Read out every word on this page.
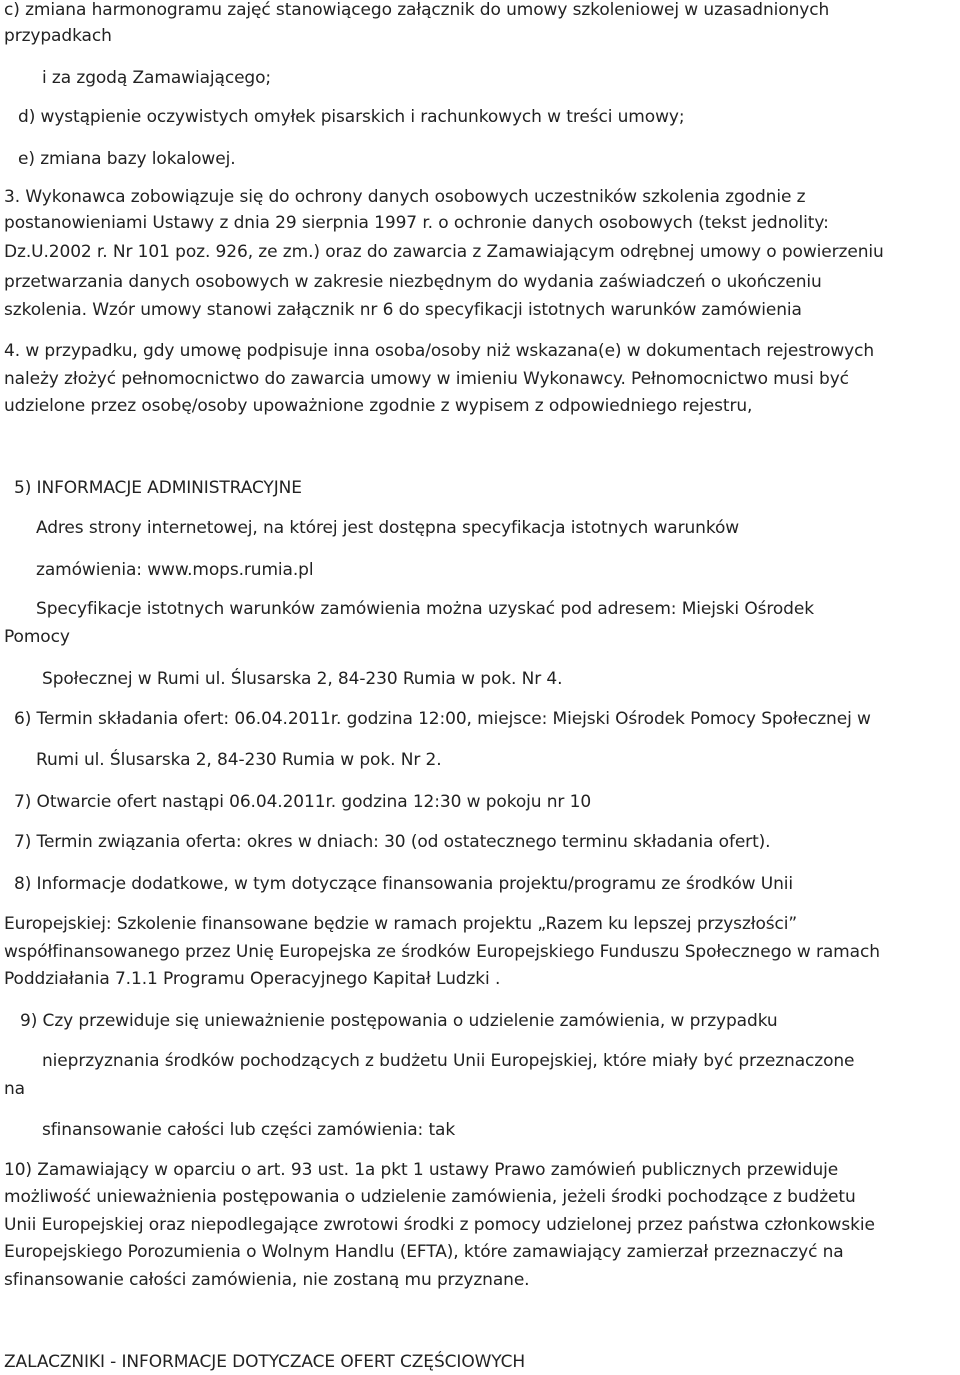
c) zmiana harmonogramu zajęć stanowiącego załącznik do umowy szkoleniowej w uzasadnionych

przypadkach

i za zgodą Zamawiającego;

d) wystąpienie oczywistych omyłek pisarskich i rachunkowych w treści umowy;

e) zmiana bazy lokalowej.

3. Wykonawca zobowiązuje się do ochrony danych osobowych uczestników szkolenia zgodnie z

postanowieniami Ustawy z dnia 29 sierpnia 1997 r. o ochronie danych osobowych (tekst jednolity:

Dz.U.2002 r. Nr 101 poz. 926, ze zm.) oraz do zawarcia z Zamawiającym odrębnej umowy o powierzeniu

przetwarzania danych osobowych w zakresie niezbędnym do wydania zaświadczeń o ukończeniu

szkolenia. Wzór umowy stanowi załącznik nr 6 do specyfikacji istotnych warunków zamówienia

4. w przypadku, gdy umowę podpisuje inna osoba/osoby niż wskazana(e) w dokumentach rejestrowych

należy złożyć pełnomocnictwo do zawarcia umowy w imieniu Wykonawcy. Pełnomocnictwo musi być

udzielone przez osobę/osoby upoważnione zgodnie z wypisem z odpowiedniego rejestru,

5) INFORMACJE ADMINISTRACYJNE

Adres strony internetowej, na której jest dostępna specyfikacja istotnych warunków

zamówienia: www.mops.rumia.pl

Specyfikacje istotnych warunków zamówienia można uzyskać pod adresem: Miejski Ośrodek

Pomocy

Społecznej w Rumi ul. Ślusarska 2, 84-230 Rumia w pok. Nr 4.

6) Termin składania ofert: 06.04.2011r. godzina 12:00, miejsce: Miejski Ośrodek Pomocy Społecznej w

Rumi ul. Ślusarska 2, 84-230 Rumia w pok. Nr 2.

7) Otwarcie ofert nastąpi 06.04.2011r. godzina 12:30 w pokoju nr 10

7) Termin związania oferta: okres w dniach: 30 (od ostatecznego terminu składania ofert).

8) Informacje dodatkowe, w tym dotyczące finansowania projektu/programu ze środków Unii

Europejskiej: Szkolenie finansowane będzie w ramach projektu „Razem ku lepszej przyszłości”

współfinansowanego przez Unię Europejska ze środków Europejskiego Funduszu Społecznego w ramach

Poddziałania 7.1.1 Programu Operacyjnego Kapitał Ludzki .

9) Czy przewiduje się unieważnienie postępowania o udzielenie zamówienia, w przypadku

nieprzyznania środków pochodzących z budżetu Unii Europejskiej, które miały być przeznaczone

na

sfinansowanie całości lub części zamówienia: tak

10) Zamawiający w oparciu o art. 93 ust. 1a pkt 1 ustawy Prawo zamówień publicznych przewiduje

możliwość unieważnienia postępowania o udzielenie zamówienia, jeżeli środki pochodzące z budżetu

Unii Europejskiej oraz niepodlegające zwrotowi środki z pomocy udzielonej przez państwa członkowskie

Europejskiego Porozumienia o Wolnym Handlu (EFTA), które zamawiający zamierzał przeznaczyć na

sfinansowanie całości zamówienia, nie zostaną mu przyznane.

ZALACZNIKI - INFORMACJE DOTYCZACE OFERT CZĘŚCIOWYCH
